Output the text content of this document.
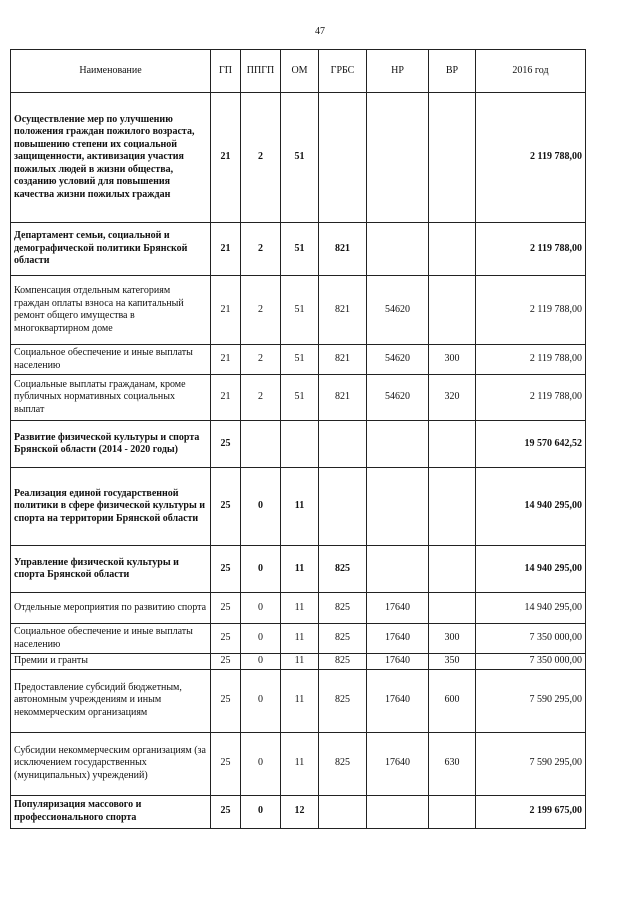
47
Наименование	ГП	ППГП	ОМ	ГРБС	НР	ВР	2016 год
Осуществление мер по улучшению положения граждан пожилого возраста, повышению степени их социальной защищенности, активизация участия пожилых людей в жизни общества, созданию условий для повышения качества жизни пожилых граждан	21	2	51				2 119 788,00
Департамент семьи, социальной и демографической политики Брянской области	21	2	51	821			2 119 788,00
Компенсация отдельным категориям граждан оплаты взноса на капитальный ремонт общего имущества в многоквартирном доме	21	2	51	821	54620		2 119 788,00
Социальное обеспечение и иные выплаты населению	21	2	51	821	54620	300	2 119 788,00
Социальные выплаты гражданам, кроме публичных нормативных социальных выплат	21	2	51	821	54620	320	2 119 788,00
Развитие физической культуры и спорта Брянской области (2014 - 2020 годы)	25						19 570 642,52
Реализация единой государственной политики в сфере физической культуры и спорта на территории Брянской области	25	0	11				14 940 295,00
Управление физической культуры и спорта Брянской области	25	0	11	825			14 940 295,00
Отдельные мероприятия по развитию спорта	25	0	11	825	17640		14 940 295,00
Социальное обеспечение и иные выплаты населению	25	0	11	825	17640	300	7 350 000,00
Премии и гранты	25	0	11	825	17640	350	7 350 000,00
Предоставление субсидий бюджетным, автономным учреждениям и иным некоммерческим организациям	25	0	11	825	17640	600	7 590 295,00
Субсидии некоммерческим организациям (за исключением государственных (муниципальных) учреждений)	25	0	11	825	17640	630	7 590 295,00
Популяризация массового и профессионального спорта	25	0	12				2 199 675,00
